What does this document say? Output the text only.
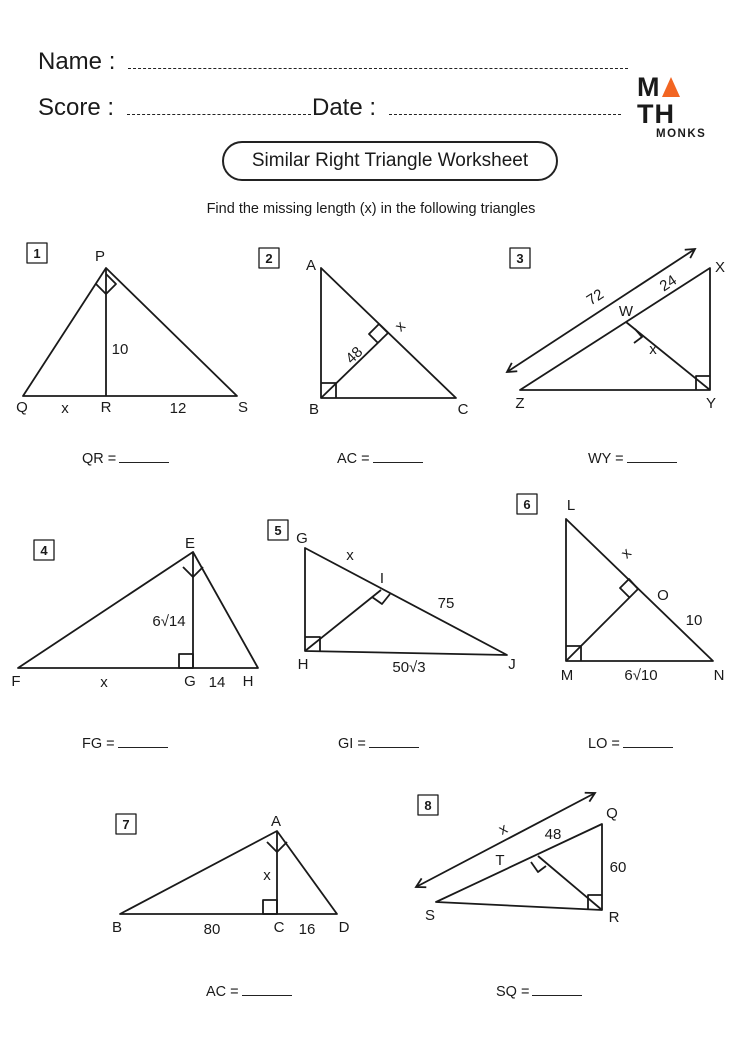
Name :
Score :	Date :
MTH
MONKS
Similar Right Triangle Worksheet
Find the missing length (x) in the following triangles
1	P
Q	R	S
10
x	12
2 A
B	C
48
x
3
X
W
Z	Y
72
24
x
4	E
F	G	H
6√14
x	14
5 G
I
H	J
x
75
50√3
6 L
O
M	N
x
10
6√10
7	A
B	C	D
x
80	16
8	Q
T
S	R
x 48
60
QR =	AC =	WY =
FG =	GI =	LO =
AC =	SQ =
